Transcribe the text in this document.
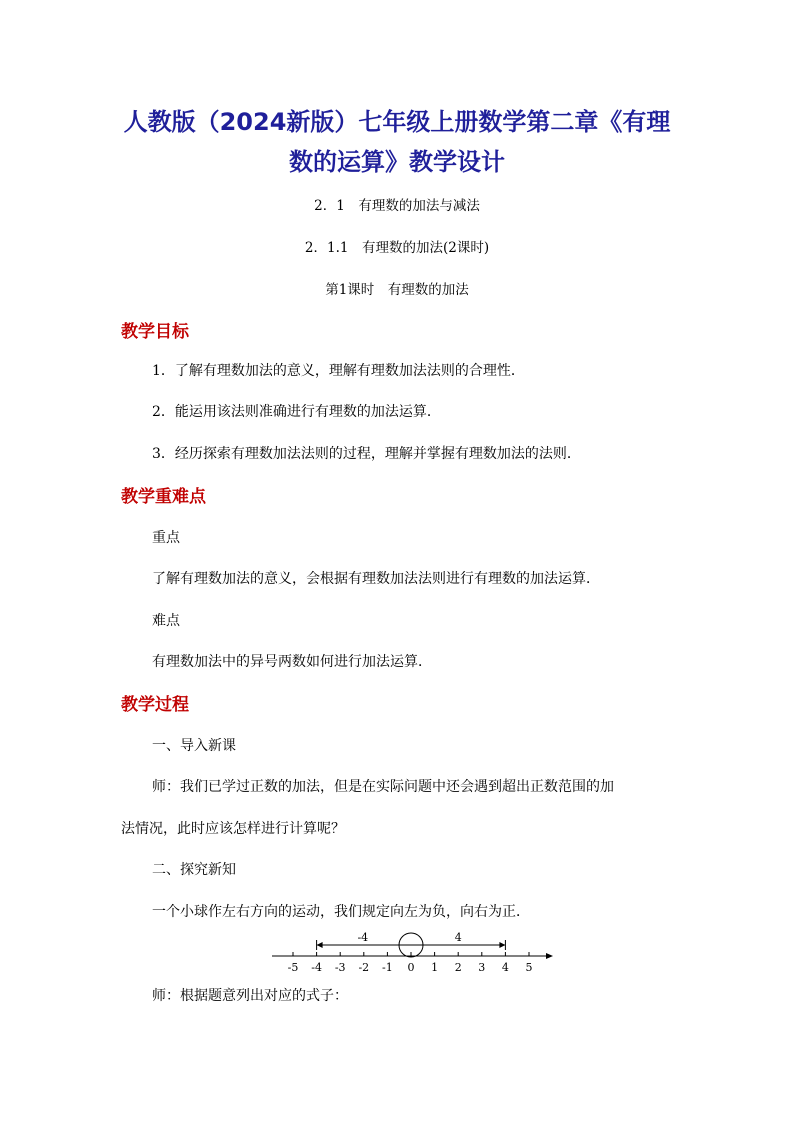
人教版（2024新版）七年级上册数学第二章《有理
数的运算》教学设计
2．1　有理数的加法与减法
2．1.1　有理数的加法(2课时)
第1课时　有理数的加法
教学目标
1．了解有理数加法的意义，理解有理数加法法则的合理性．
2．能运用该法则准确进行有理数的加法运算．
3．经历探索有理数加法法则的过程，理解并掌握有理数加法的法则．
教学重难点
重点
了解有理数加法的意义，会根据有理数加法法则进行有理数的加法运算．
难点
有理数加法中的异号两数如何进行加法运算．
教学过程
一、导入新课
师：我们已学过正数的加法，但是在实际问题中还会遇到超出正数范围的加
法情况，此时应该怎样进行计算呢？
二、探究新知
一个小球作左右方向的运动，我们规定向左为负，向右为正．
-5 -4 -3 -2 -1 0 1 2 3 4 5
-4	4
师：根据题意列出对应的式子：
